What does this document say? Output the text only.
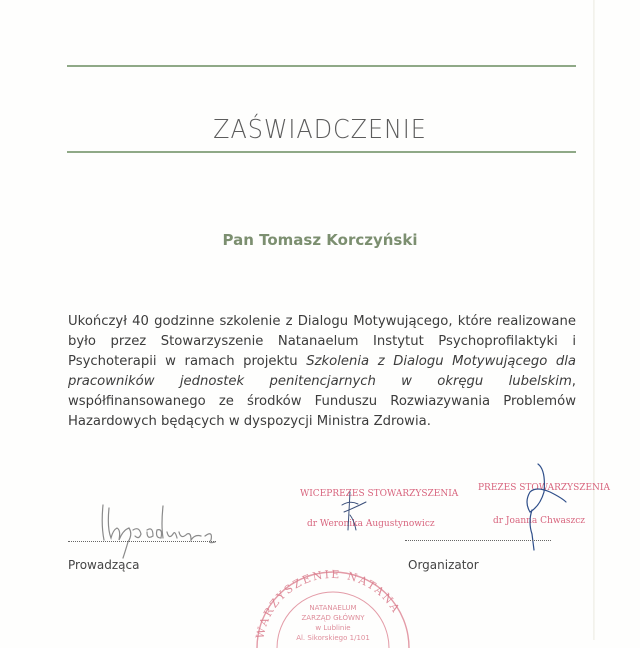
ZAŚWIADCZENIE
Pan Tomasz Korczyński
Ukończył 40 godzinne szkolenie z Dialogu Motywującego, które realizowane było przez Stowarzyszenie Natanaelum Instytut Psychoprofilaktyki i Psychoterapii w ramach projektu Szkolenia z Dialogu Motywującego dla pracowników jednostek penitencjarnych w okręgu lubelskim, współfinansowanego ze środków Funduszu Rozwiazywania Problemów Hazardowych będących w dyspozycji Ministra Zdrowia.
Prowadząca
WICEPREZES STOWARZYSZENIA
dr Weronika Augustynowicz
PREZES STOWARZYSZENIA
dr Joanna Chwaszcz
Organizator
WARZYSZENIE NATANA
NATANAELUM
ZARZĄD GŁÓWNY
w Lublinie
Al. Sikorskiego 1/101
